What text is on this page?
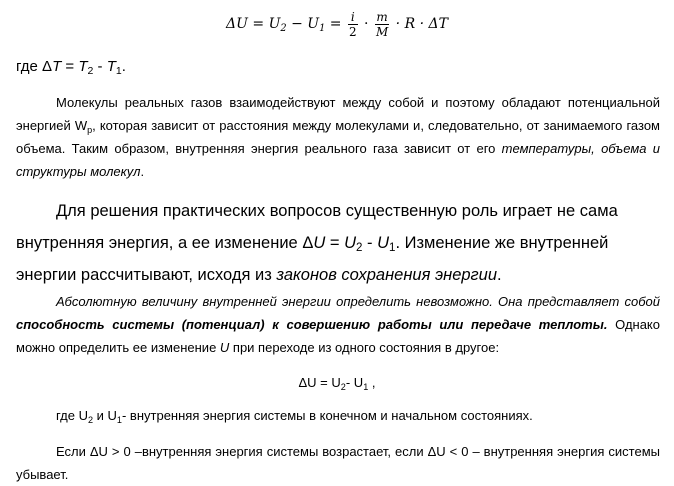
$\Delta U = U_2 - U_1 = \frac{i}{2} \cdot \frac{m}{M} \cdot R \cdot \Delta T$
где $\Delta T = T_2 - T_1$.
Молекулы реальных газов взаимодействуют между собой и поэтому обладают потенциальной энергией $W_p$, которая зависит от расстояния между молекулами и, следовательно, от занимаемого газом объема. Таким образом, внутренняя энергия реального газа зависит от его температуры, объема и структуры молекул.
Для решения практических вопросов существенную роль играет не сама внутренняя энергия, а ее изменение $\Delta U = U_2 - U_1$. Изменение же внутренней энергии рассчитывают, исходя из законов сохранения энергии.
Абсолютную величину внутренней энергии определить невозможно. Она представляет собой способность системы (потенциал) к совершению работы или передаче теплоты. Однако можно определить ее изменение U при переходе из одного состояния в другое:
$\Delta U = U_2-$ $U_1$ ,
где $U_2$ и $U_1-$ внутренняя энергия системы в конечном и начальном состояниях.
Если ΔU > 0 –внутренняя энергия системы возрастает, если ΔU < 0 – внутренняя энергия системы убывает.
